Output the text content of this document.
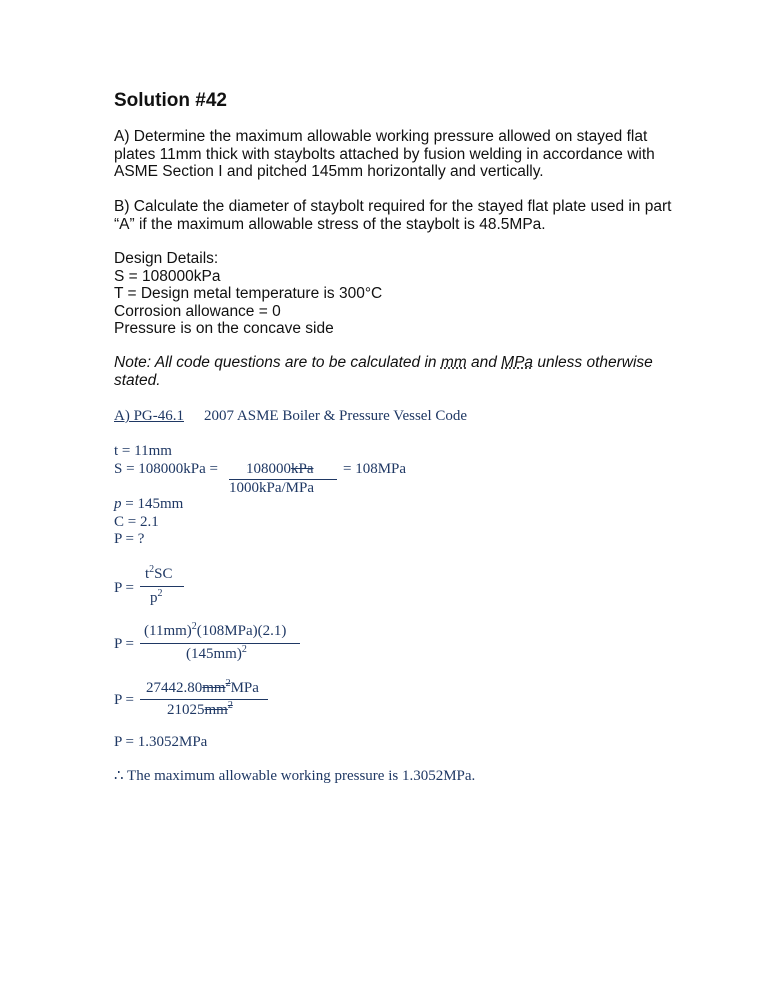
Solution #42
A) Determine the maximum allowable working pressure allowed on stayed flat plates 11mm thick with staybolts attached by fusion welding in accordance with ASME Section I and pitched 145mm horizontally and vertically.
B) Calculate the diameter of staybolt required for the stayed flat plate used in part “A” if the maximum allowable stress of the staybolt is 48.5MPa.
Design Details:
S = 108000kPa
T = Design metal temperature is 300°C
Corrosion allowance = 0
Pressure is on the concave side
Note: All code questions are to be calculated in mm and MPa unless otherwise
stated.
A) PG-46.1 2007 ASME Boiler & Pressure Vessel Code
t = 11mm
S = 108000kPa = 108000kPa = 108MPa
1000kPa/MPa
p = 145mm
C = 2.1
P = ?
P =
$t^2SC$
$p^2$
P =
$(11mm)^2(108MPa)(2.1)$
$(145mm)^2$
P =
$27442.80mm^2MPa$
$21025mm^2$
P = 1.3052MPa
∴ The maximum allowable working pressure is 1.3052MPa.
